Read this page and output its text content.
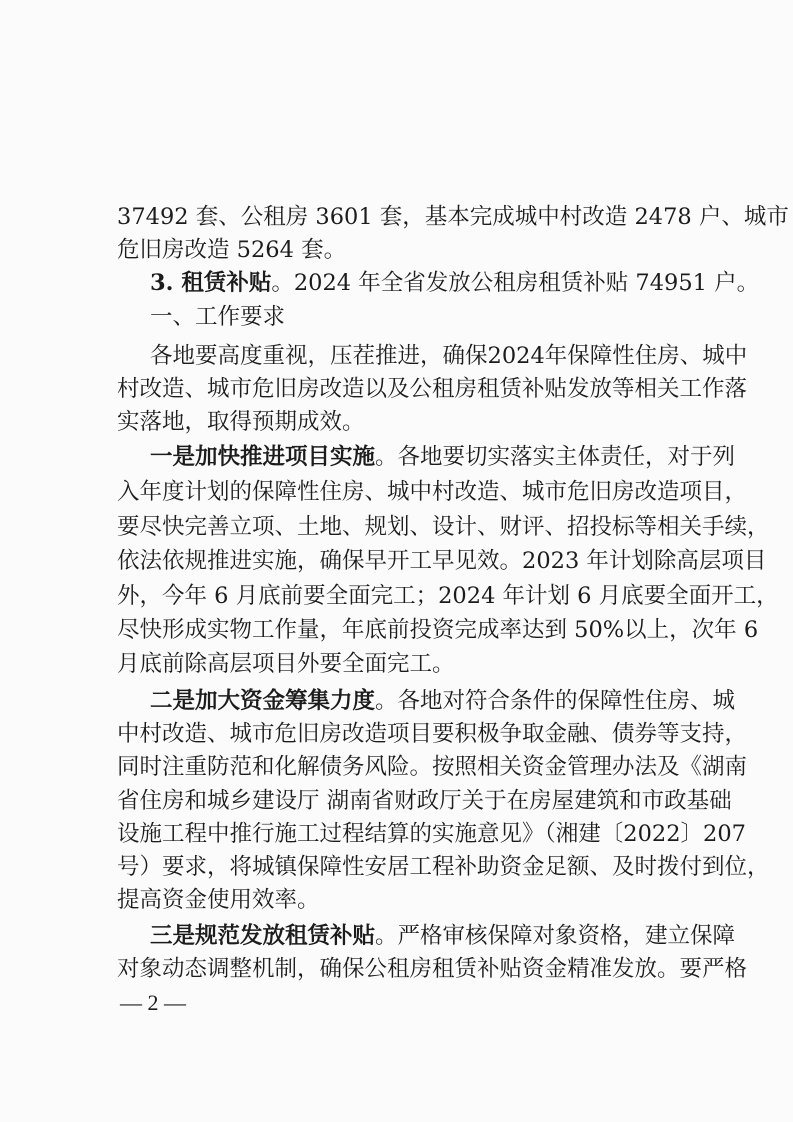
37492 套、公租房 3601 套，基本完成城中村改造 2478 户、城市
危旧房改造 5264 套。
3. 租赁补贴。2024 年全省发放公租房租赁补贴 74951 户。
一、工作要求
各地要高度重视，压茬推进，确保2024年保障性住房、城中
村改造、城市危旧房改造以及公租房租赁补贴发放等相关工作落
实落地，取得预期成效。
一是加快推进项目实施。各地要切实落实主体责任，对于列
入年度计划的保障性住房、城中村改造、城市危旧房改造项目，
要尽快完善立项、土地、规划、设计、财评、招投标等相关手续，
依法依规推进实施，确保早开工早见效。2023 年计划除高层项目
外，今年 6 月底前要全面完工；2024 年计划 6 月底要全面开工，
尽快形成实物工作量，年底前投资完成率达到 50%以上，次年 6
月底前除高层项目外要全面完工。
二是加大资金筹集力度。各地对符合条件的保障性住房、城
中村改造、城市危旧房改造项目要积极争取金融、债券等支持，
同时注重防范和化解债务风险。按照相关资金管理办法及《湖南
省住房和城乡建设厅 湖南省财政厅关于在房屋建筑和市政基础
设施工程中推行施工过程结算的实施意见》（湘建〔2022〕207
号）要求，将城镇保障性安居工程补助资金足额、及时拨付到位，
提高资金使用效率。
三是规范发放租赁补贴。严格审核保障对象资格，建立保障
对象动态调整机制，确保公租房租赁补贴资金精准发放。要严格
— 2 —
